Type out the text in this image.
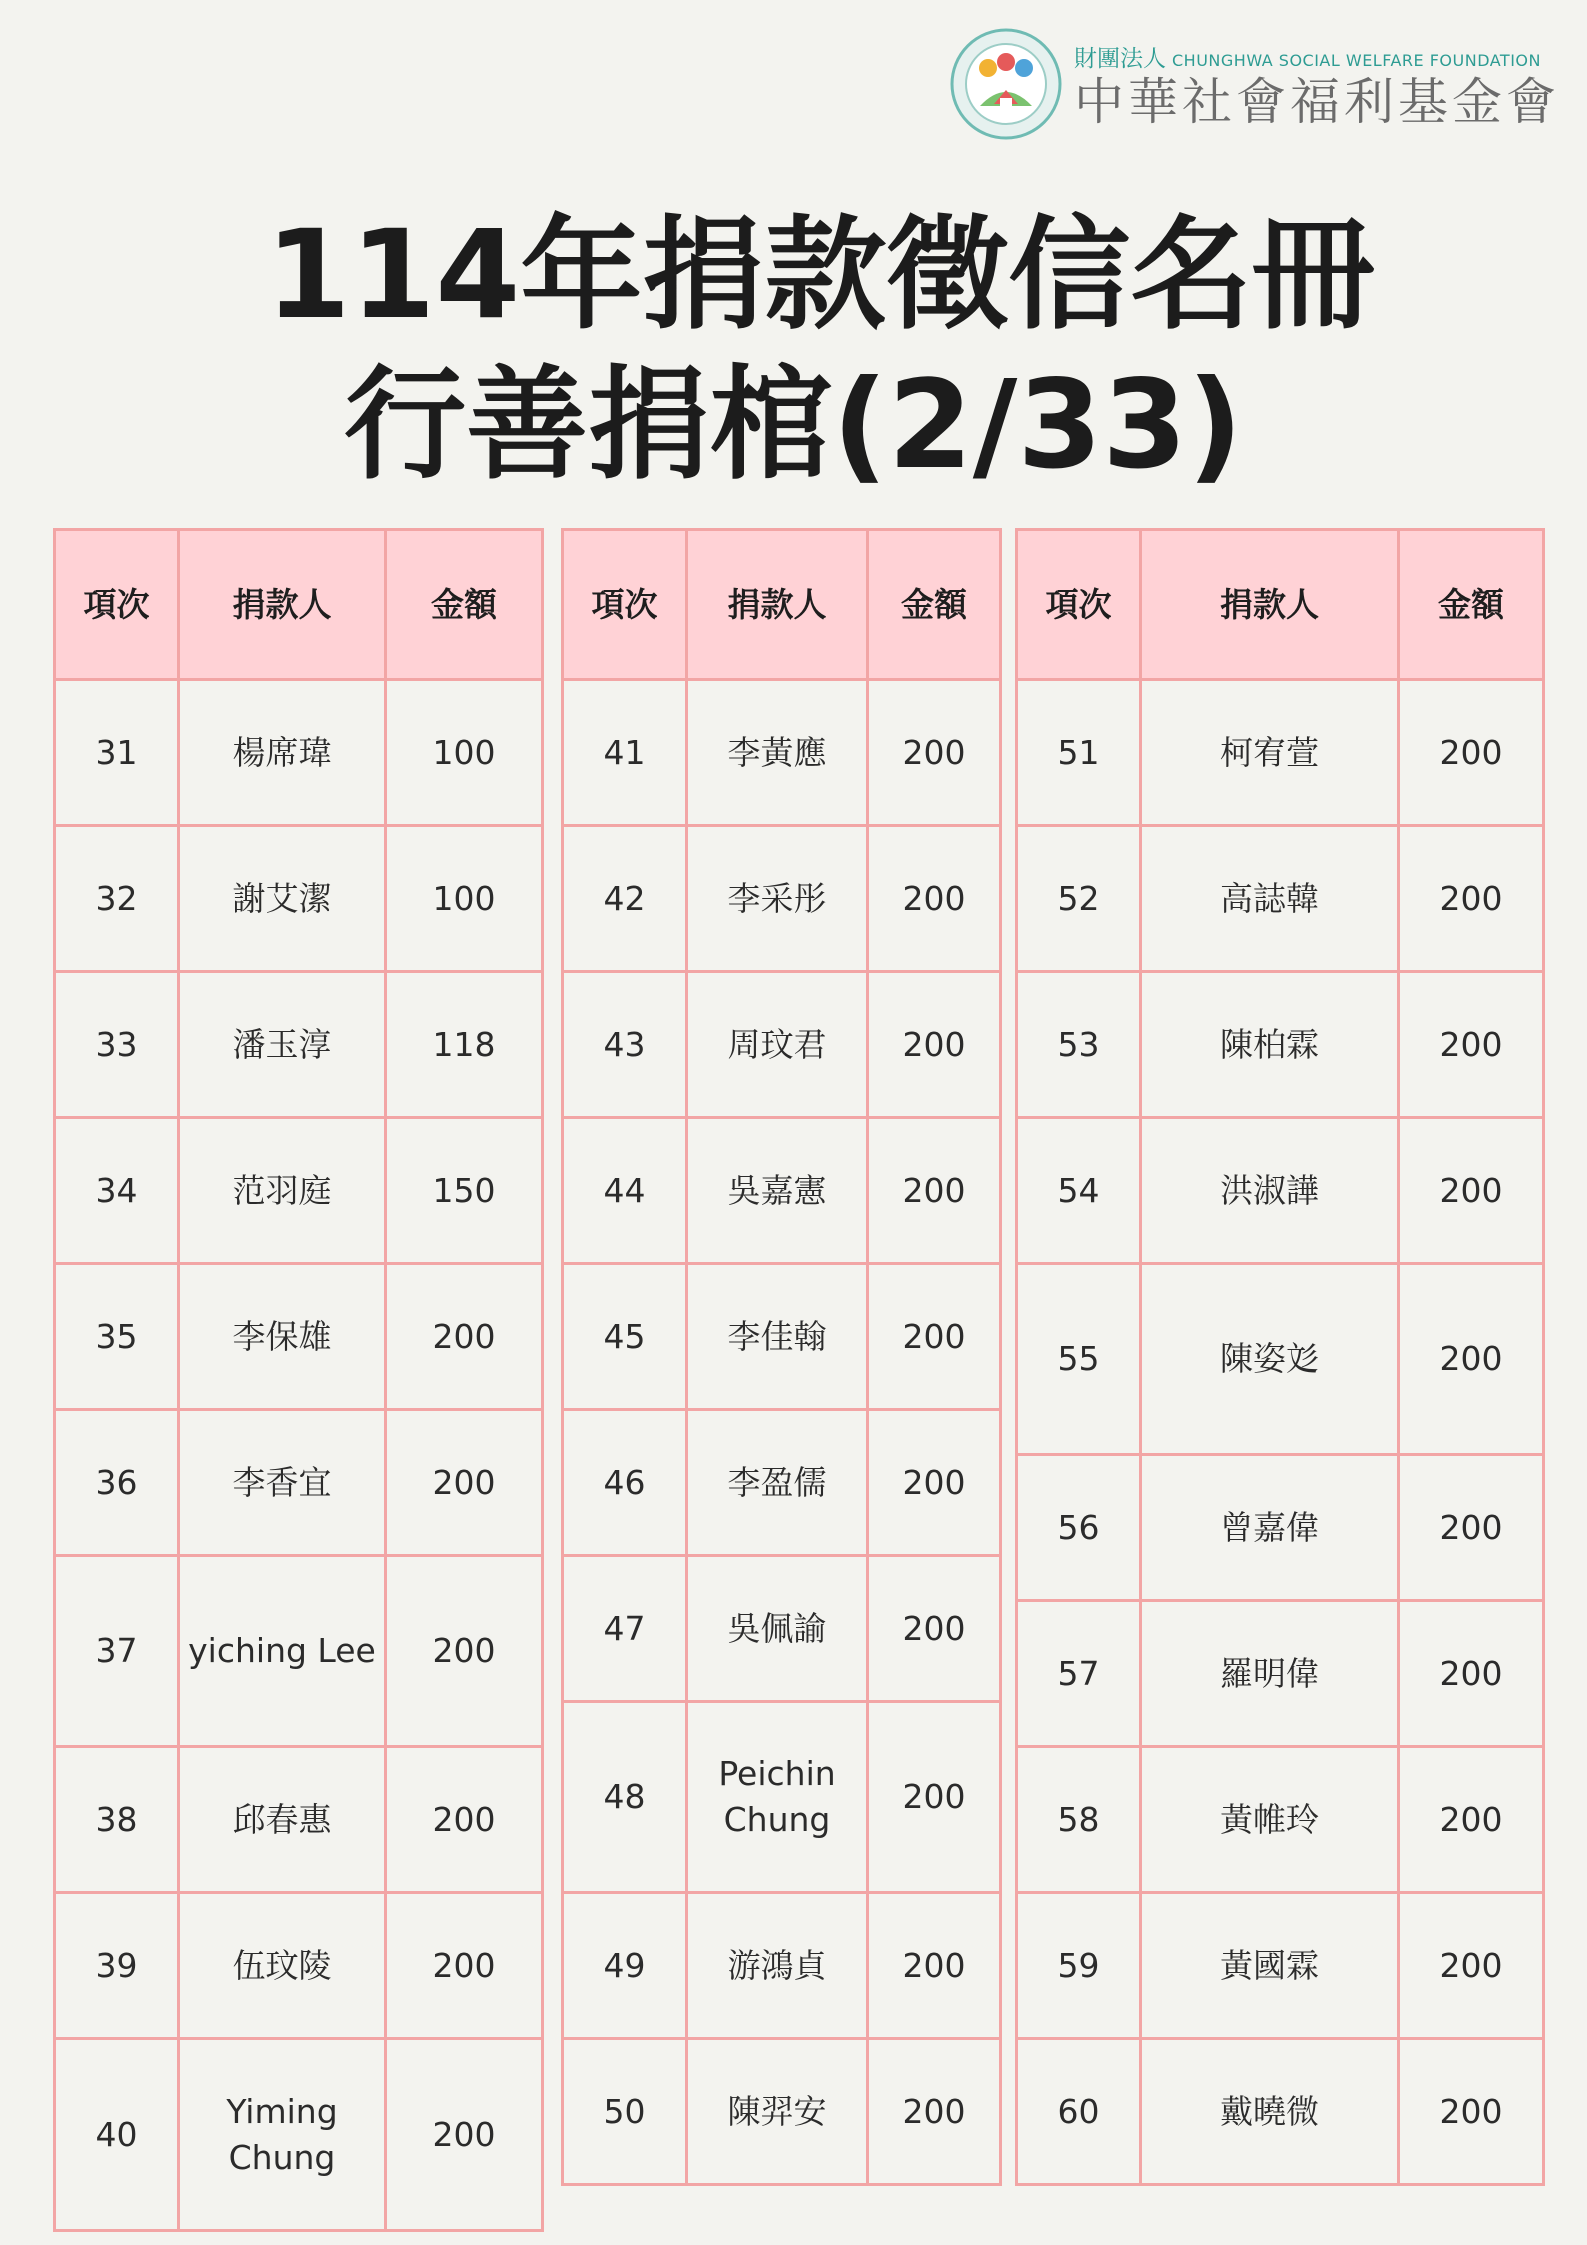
財團法人 CHUNGHWA SOCIAL WELFARE FOUNDATION
中華社會福利基金會
114年捐款徵信名冊
行善捐棺(2/33)
項次	捐款人	金額
31	楊席瑋	100
32	謝艾潔	100
33	潘玉淳	118
34	范羽庭	150
35	李保雄	200
36	李香宜	200
37	yiching Lee	200
38	邱春惠	200
39	伍玟陵	200
40	Yiming Chung	200
項次	捐款人	金額
41	李黃應	200
42	李采彤	200
43	周玟君	200
44	吳嘉憲	200
45	李佳翰	200
46	李盈儒	200
47	吳佩諭	200
48	Peichin Chung	200
49	游鴻貞	200
50	陳羿安	200
項次	捐款人	金額
51	柯宥萱	200
52	高誌韓	200
53	陳柏霖	200
54	洪淑譁	200
55	陳姿彣	200
56	曾嘉偉	200
57	羅明偉	200
58	黃帷玲	200
59	黃國霖	200
60	戴曉微	200
